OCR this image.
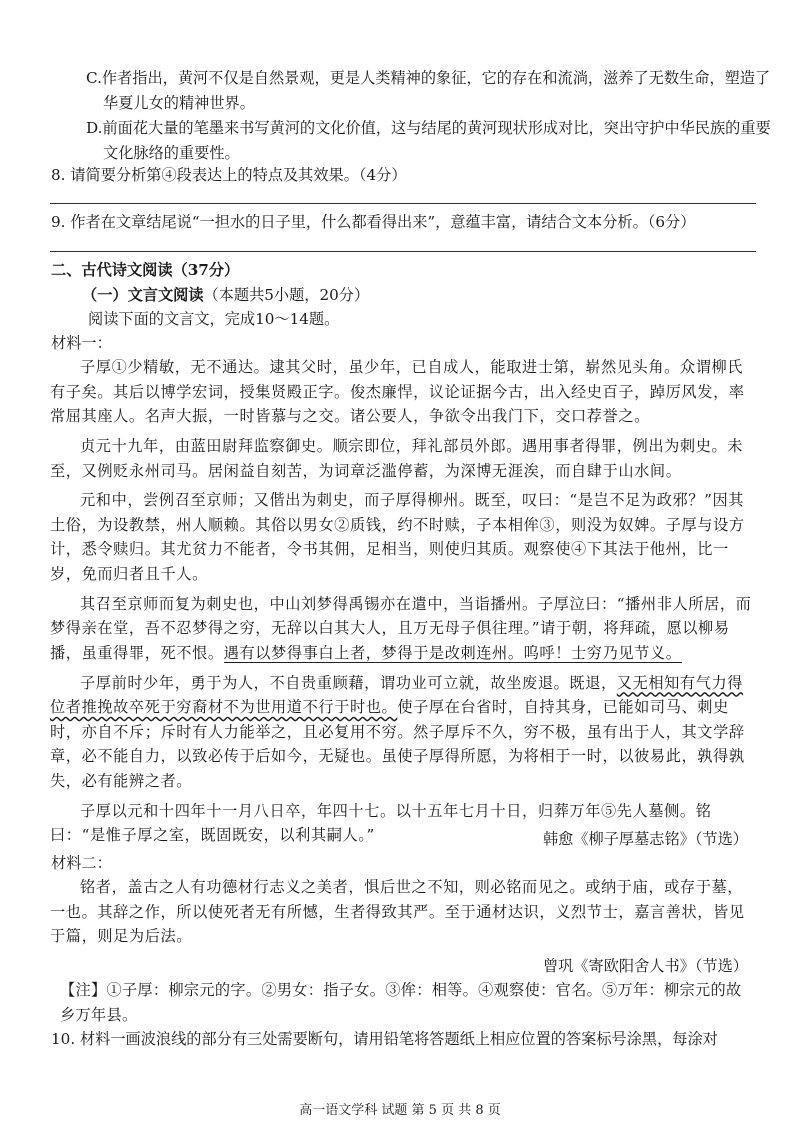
C.作者指出，黄河不仅是自然景观，更是人类精神的象征，它的存在和流淌，滋养了无数生命，塑造了华夏儿女的精神世界。
D.前面花大量的笔墨来书写黄河的文化价值，这与结尾的黄河现状形成对比，突出守护中华民族的重要文化脉络的重要性。
8. 请简要分析第④段表达上的特点及其效果。（4分）
9. 作者在文章结尾说“一担水的日子里，什么都看得出来”，意蕴丰富，请结合文本分析。（6分）
二、古代诗文阅读（37分）
（一）文言文阅读（本题共5小题，20分）
阅读下面的文言文，完成10～14题。
材料一：

子厚①少精敏，无不通达。逮其父时，虽少年，已自成人，能取进士第，崭然见头角。众谓柳氏有子矣。其后以博学宏词，授集贤殿正字。俊杰廉悍，议论证据今古，出入经史百子，踔厉风发，率常屈其座人。名声大振，一时皆慕与之交。诸公要人，争欲令出我门下，交口荐誉之。

贞元十九年，由蓝田尉拜监察御史。顺宗即位，拜礼部员外郎。遇用事者得罪，例出为刺史。未至，又例贬永州司马。居闲益自刻苦，为词章泛滥停蓄，为深博无涯涘，而自肆于山水间。

元和中，尝例召至京师；又偕出为刺史，而子厚得柳州。既至，叹曰：“是岂不足为政邪？”因其土俗，为设教禁，州人顺赖。其俗以男女②质钱，约不时赎，子本相侔③，则没为奴婢。子厚与设方计，悉令赎归。其尤贫力不能者，令书其佣，足相当，则使归其质。观察使④下其法于他州，比一岁，免而归者且千人。

其召至京师而复为刺史也，中山刘梦得禹锡亦在遣中，当诣播州。子厚泣曰：“播州非人所居，而梦得亲在堂，吾不忍梦得之穷，无辞以白其大人，且万无母子俱往理。”请于朝，将拜疏，愿以柳易播，虽重得罪，死不恨。遇有以梦得事白上者，梦得于是改刺连州。呜呼！士穷乃见节义。

子厚前时少年，勇于为人，不自贵重顾藉，谓功业可立就，故坐废退。既退，又无相知有气力得位者推挽故卒死于穷裔材不为世用道不行于时也。使子厚在台省时，自持其身，已能如司马、刺史时，亦自不斥；斥时有人力能举之，且必复用不穷。然子厚斥不久，穷不极，虽有出于人，其文学辞章，必不能自力，以致必传于后如今，无疑也。虽使子厚得所愿，为将相于一时，以彼易此，孰得孰失，必有能辨之者。

子厚以元和十四年十一月八日卒，年四十七。以十五年七月十日，归葬万年⑤先人墓侧。铭曰：“是惟子厚之室，既固既安，以利其嗣人。”	韩愈《柳子厚墓志铭》（节选）
材料二：

铭者，盖古之人有功德材行志义之美者，惧后世之不知，则必铭而见之。或纳于庙，或存于墓，一也。其辞之作，所以使死者无有所憾，生者得致其严。至于通材达识，义烈节士，嘉言善状，皆见于篇，则足为后法。

曾巩《寄欧阳舍人书》（节选）
【注】①子厚：柳宗元的字。②男女：指子女。③侔：相等。④观察使：官名。⑤万年：柳宗元的故乡万年县。
10. 材料一画波浪线的部分有三处需要断句，请用铅笔将答题纸上相应位置的答案标号涂黑，每涂对
高一语文学科 试题 第 5 页 共 8 页
